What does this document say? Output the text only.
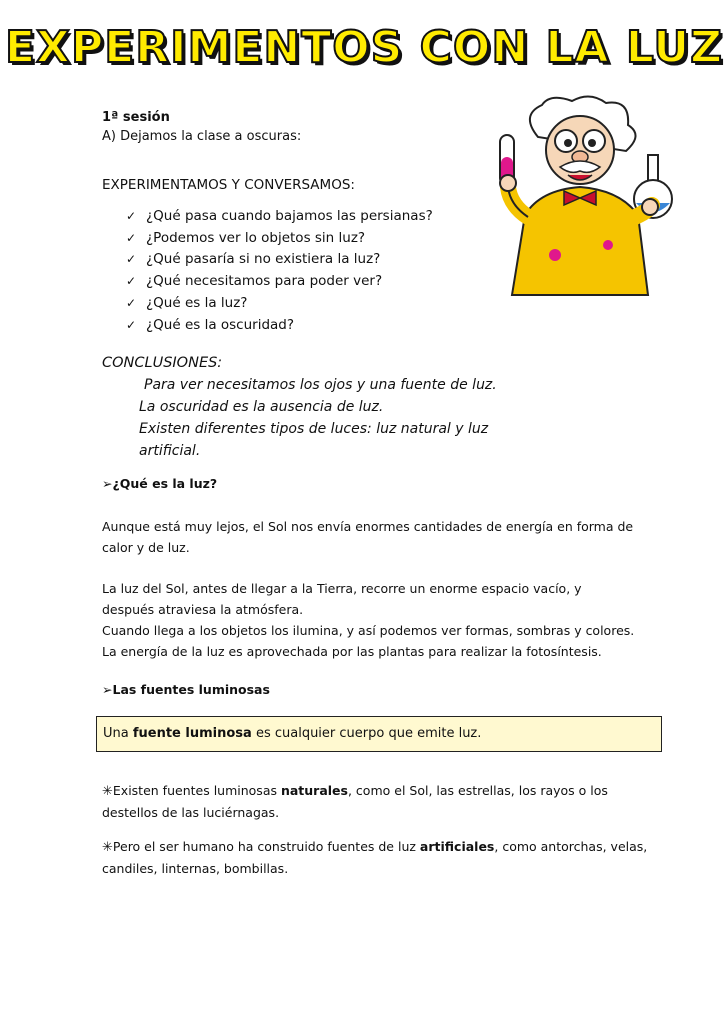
EXPERIMENTOS CON LA LUZ
1ª sesión
A) Dejamos la clase a oscuras:
EXPERIMENTAMOS Y CONVERSAMOS:
✓ ¿Qué pasa cuando bajamos las persianas?
✓ ¿Podemos ver lo objetos sin luz?
✓ ¿Qué pasaría si no existiera la luz?
✓ ¿Qué necesitamos para poder ver?
✓ ¿Qué es la luz?
✓ ¿Qué es la oscuridad?
CONCLUSIONES:
Para ver necesitamos los ojos y una fuente de luz.
La oscuridad es la ausencia de luz.
Existen diferentes tipos de luces: luz natural y luz
artificial.
➢¿Qué es la luz?
Aunque está muy lejos, el Sol nos envía enormes cantidades de energía en forma de calor y de luz.
La luz del Sol, antes de llegar a la Tierra, recorre un enorme espacio vacío, y
después atraviesa la atmósfera.
Cuando llega a los objetos los ilumina, y así podemos ver formas, sombras y colores.
La energía de la luz es aprovechada por las plantas para realizar la fotosíntesis.
➢Las fuentes luminosas
Una fuente luminosa es cualquier cuerpo que emite luz.
✳Existen fuentes luminosas naturales, como el Sol, las estrellas, los rayos o los destellos de las luciérnagas.
✳Pero el ser humano ha construido fuentes de luz artificiales, como antorchas, velas, candiles, linternas, bombillas.
